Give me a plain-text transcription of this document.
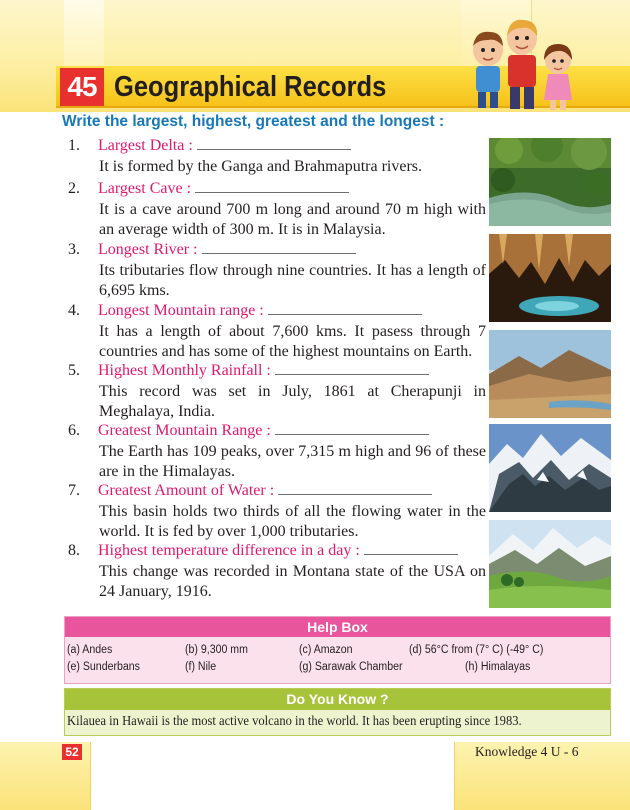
45 Geographical Records
Write the largest, highest, greatest and the longest :
1. Largest Delta :
It is formed by the Ganga and Brahmaputra rivers.
2. Largest Cave :
It is a cave around 700 m long and around 70 m high with an average width of 300 m. It is in Malaysia.
3. Longest River :
Its tributaries flow through nine countries. It has a length of 6,695 kms.
4. Longest Mountain range :
It has a length of about 7,600 kms. It pasess through 7 countries and has some of the highest mountains on Earth.
5. Highest Monthly Rainfall :
This record was set in July, 1861 at Cherapunji in Meghalaya, India.
6. Greatest Mountain Range :
The Earth has 109 peaks, over 7,315 m high and 96 of these are in the Himalayas.
7. Greatest Amount of Water :
This basin holds two thirds of all the flowing water in the world. It is fed by over 1,000 tributaries.
8. Highest temperature difference in a day :
This change was recorded in Montana state of the USA on 24 January, 1916.
Help Box
(a) Andes	(b) 9,300 mm	(c) Amazon	(d) 56°C from (7° C) (-49° C)
(e) Sunderbans	(f) Nile	(g) Sarawak Chamber	(h) Himalayas
Do You Know ?
Kilauea in Hawaii is the most active volcano in the world. It has been erupting since 1983.
52	Knowledge 4 U - 6
